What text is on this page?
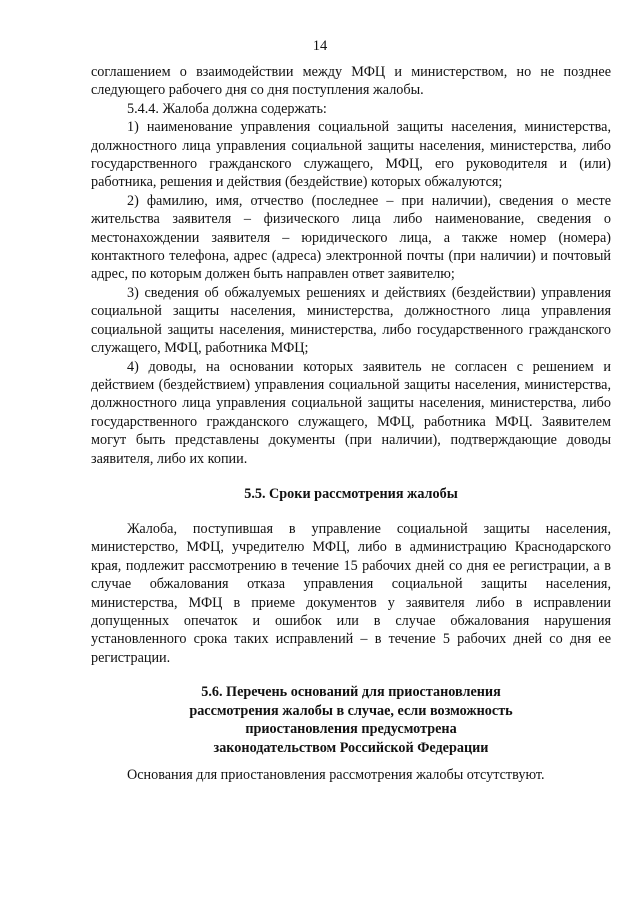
14

соглашением о взаимодействии между МФЦ и министерством, но не позднее следующего рабочего дня со дня поступления жалобы.

5.4.4. Жалоба должна содержать:

1) наименование управления социальной защиты населения, министерства, должностного лица управления социальной защиты населения, министерства, либо государственного гражданского служащего, МФЦ, его руководителя и (или) работника, решения и действия (бездействие) которых обжалуются;

2) фамилию, имя, отчество (последнее – при наличии), сведения о месте жительства заявителя – физического лица либо наименование, сведения о местонахождении заявителя – юридического лица, а также номер (номера) контактного телефона, адрес (адреса) электронной почты (при наличии) и почтовый адрес, по которым должен быть направлен ответ заявителю;

3) сведения об обжалуемых решениях и действиях (бездействии) управления социальной защиты населения, министерства, должностного лица управления социальной защиты населения, министерства, либо государственного гражданского служащего, МФЦ, работника МФЦ;

4) доводы, на основании которых заявитель не согласен с решением и действием (бездействием) управления социальной защиты населения, министерства, должностного лица управления социальной защиты населения, министерства, либо государственного гражданского служащего, МФЦ, работника МФЦ. Заявителем могут быть представлены документы (при наличии), подтверждающие доводы заявителя, либо их копии.

5.5. Сроки рассмотрения жалобы

Жалоба, поступившая в управление социальной защиты населения, министерство, МФЦ, учредителю МФЦ, либо в администрацию Краснодарского края, подлежит рассмотрению в течение 15 рабочих дней со дня ее регистрации, а в случае обжалования отказа управления социальной защиты населения, министерства, МФЦ в приеме документов у заявителя либо в исправлении допущенных опечаток и ошибок или в случае обжалования нарушения установленного срока таких исправлений – в течение 5 рабочих дней со дня ее регистрации.

5.6. Перечень оснований для приостановления
рассмотрения жалобы в случае, если возможность
приостановления предусмотрена
законодательством Российской Федерации

Основания для приостановления рассмотрения жалобы отсутствуют.
